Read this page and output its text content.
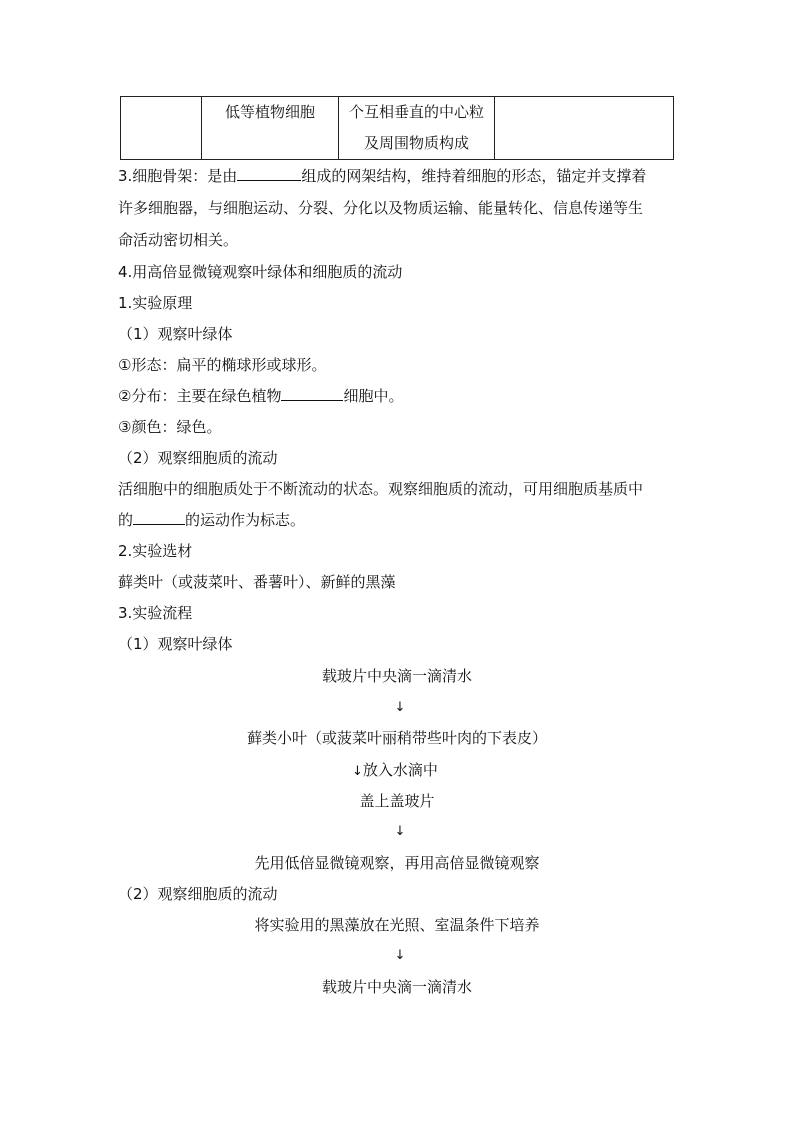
低等植物细胞	个互相垂直的中心粒
及周围物质构成

3.细胞骨架：是由	组成的网架结构，维持着细胞的形态，锚定并支撑着
许多细胞器，与细胞运动、分裂、分化以及物质运输、能量转化、信息传递等生
命活动密切相关。
4.用高倍显微镜观察叶绿体和细胞质的流动
1.实验原理
（1）观察叶绿体
①形态：扁平的椭球形或球形。
②分布：主要在绿色植物	细胞中。
③颜色：绿色。
（2）观察细胞质的流动
活细胞中的细胞质处于不断流动的状态。观察细胞质的流动，可用细胞质基质中
的	的运动作为标志。
2.实验选材
藓类叶（或菠菜叶、番薯叶）、新鲜的黑藻
3.实验流程
（1）观察叶绿体
载玻片中央滴一滴清水
↓
藓类小叶（或菠菜叶丽稍带些叶肉的下表皮）
↓放入水滴中
盖上盖玻片
↓
先用低倍显微镜观察，再用高倍显微镜观察
（2）观察细胞质的流动
将实验用的黑藻放在光照、室温条件下培养
↓
载玻片中央滴一滴清水
